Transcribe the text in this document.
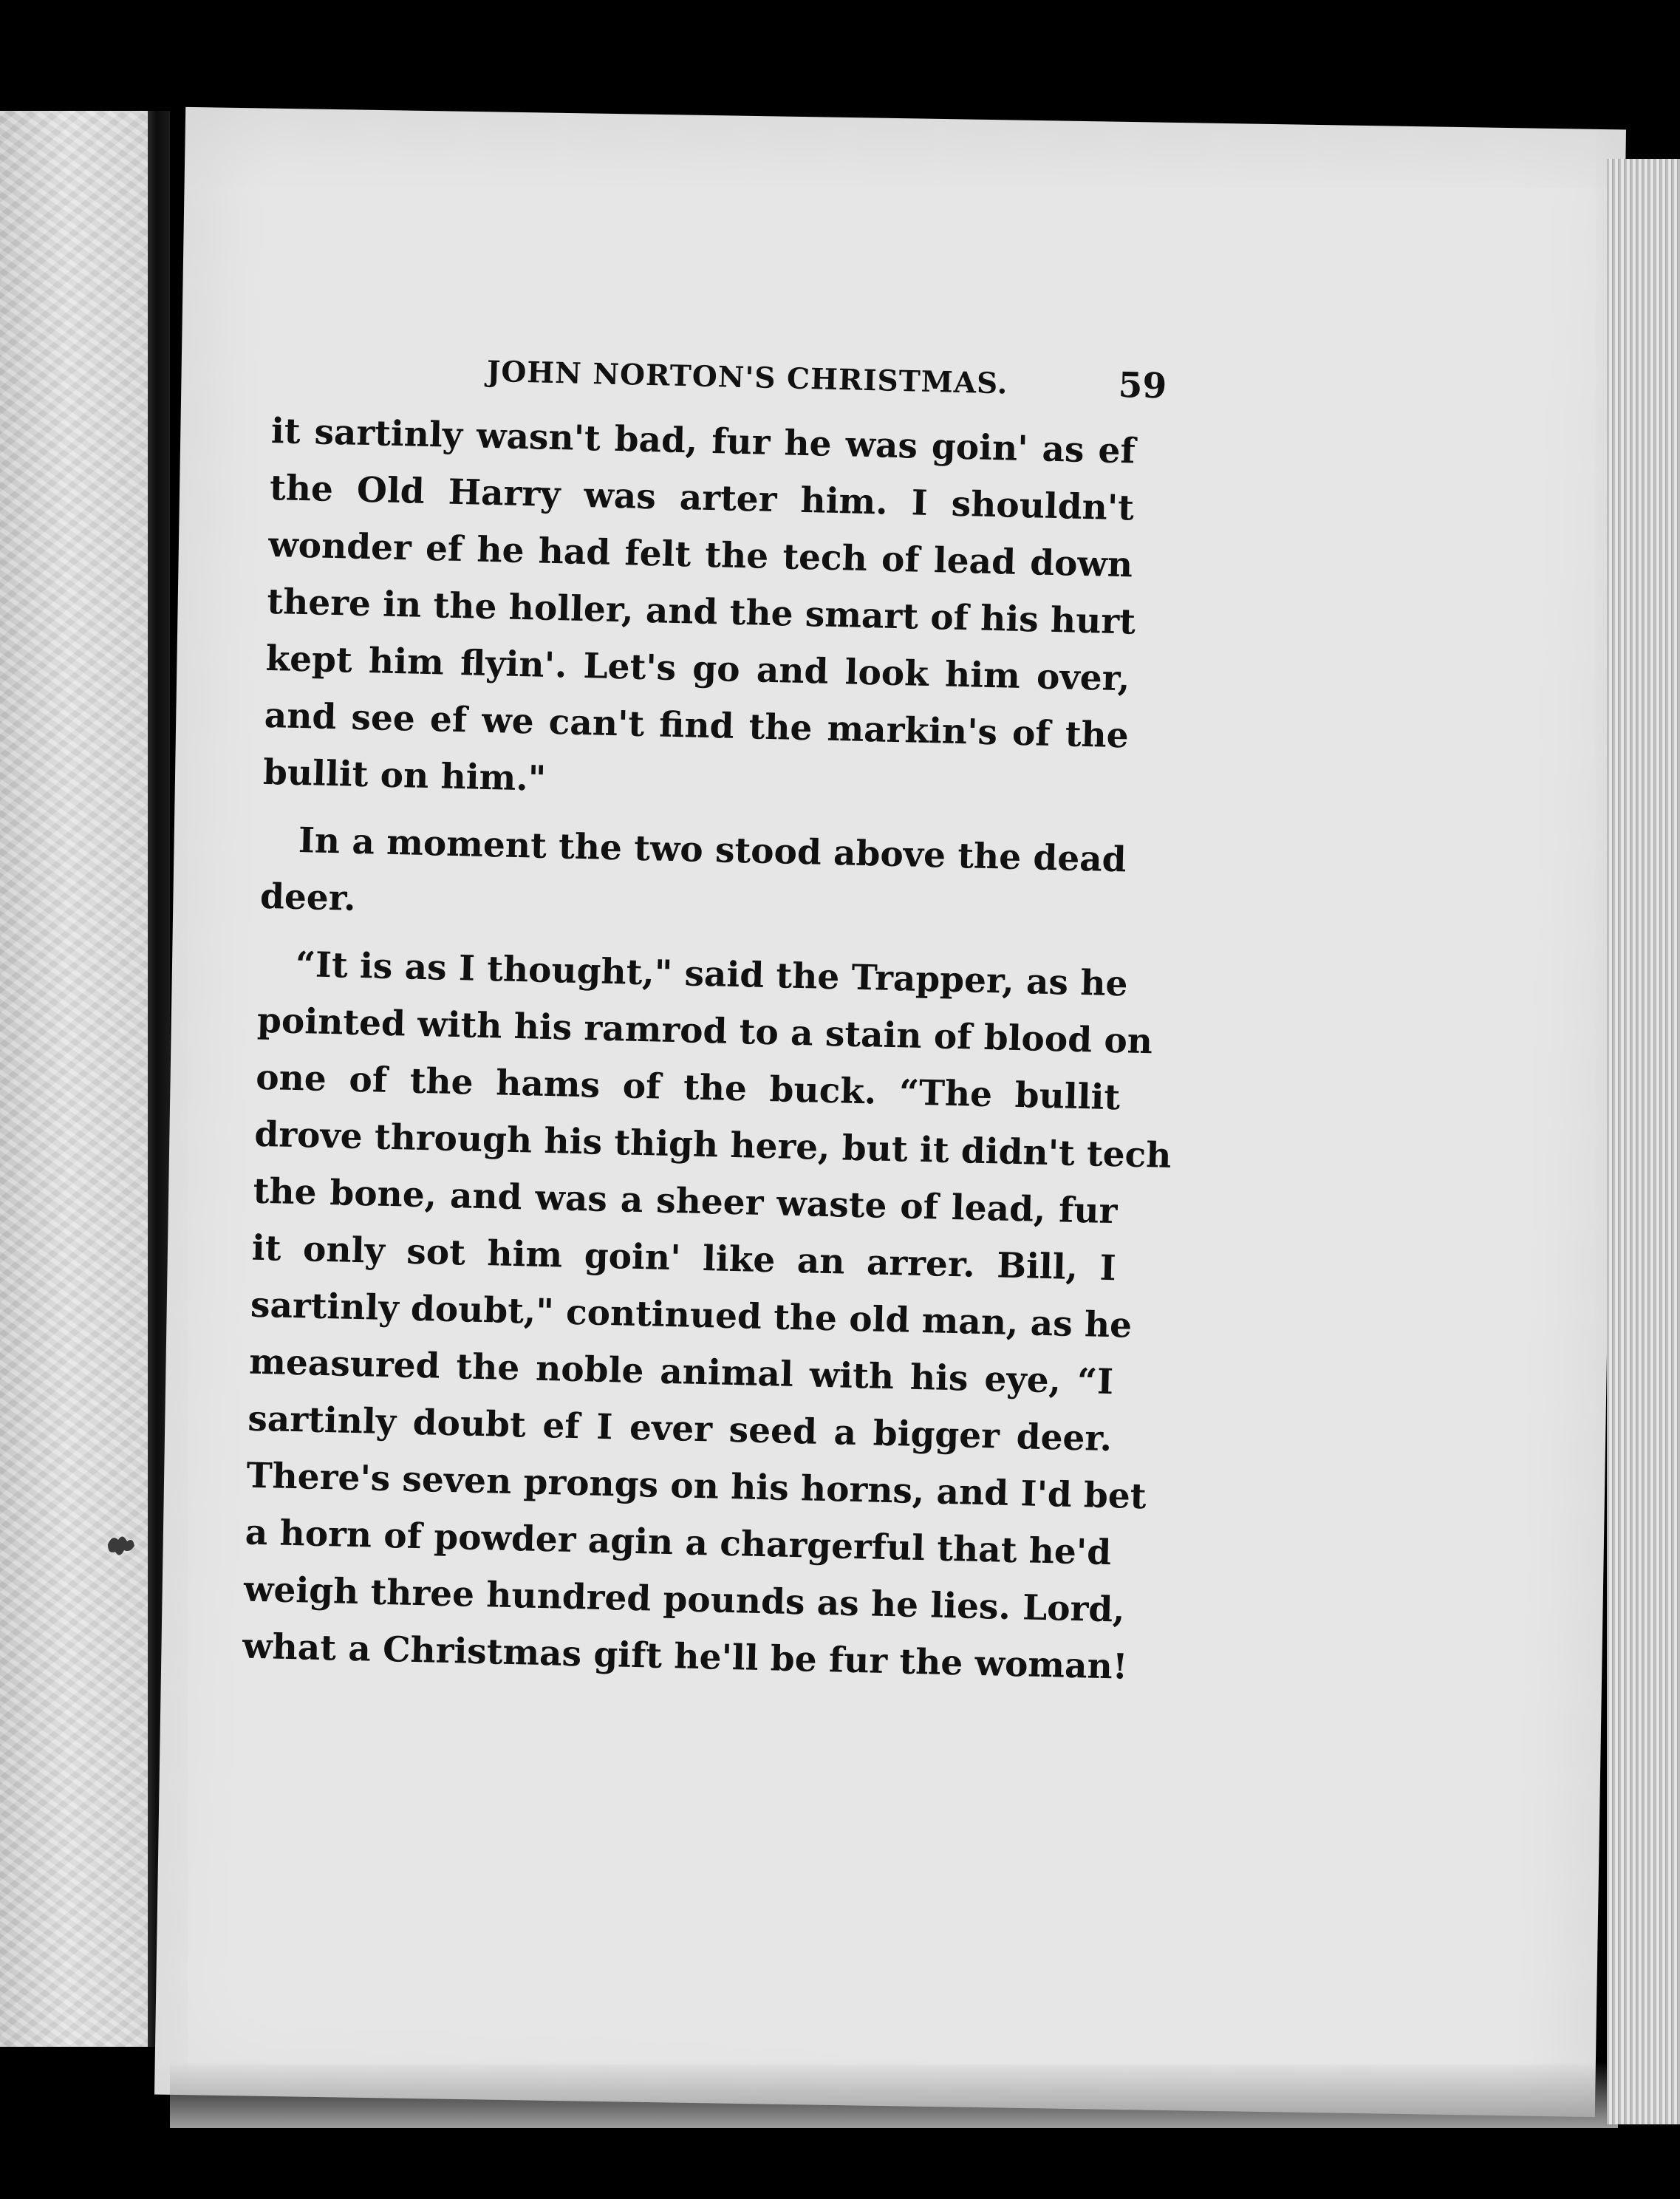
JOHN NORTON'S CHRISTMAS.	59
it sartinly wasn't bad, fur he was goin' as ef
the Old Harry was arter him. I shouldn't
wonder ef he had felt the tech of lead down
there in the holler, and the smart of his hurt
kept him flyin'. Let's go and look him over,
and see ef we can't find the markin's of the
bullit on him."
In a moment the two stood above the dead
deer.
“It is as I thought," said the Trapper, as he
pointed with his ramrod to a stain of blood on
one of the hams of the buck. “The bullit
drove through his thigh here, but it didn't tech
the bone, and was a sheer waste of lead, fur
it only sot him goin' like an arrer. Bill, I
sartinly doubt," continued the old man, as he
measured the noble animal with his eye, “I
sartinly doubt ef I ever seed a bigger deer.
There's seven prongs on his horns, and I'd bet
a horn of powder agin a chargerful that he'd
weigh three hundred pounds as he lies. Lord,
what a Christmas gift he'll be fur the woman!
